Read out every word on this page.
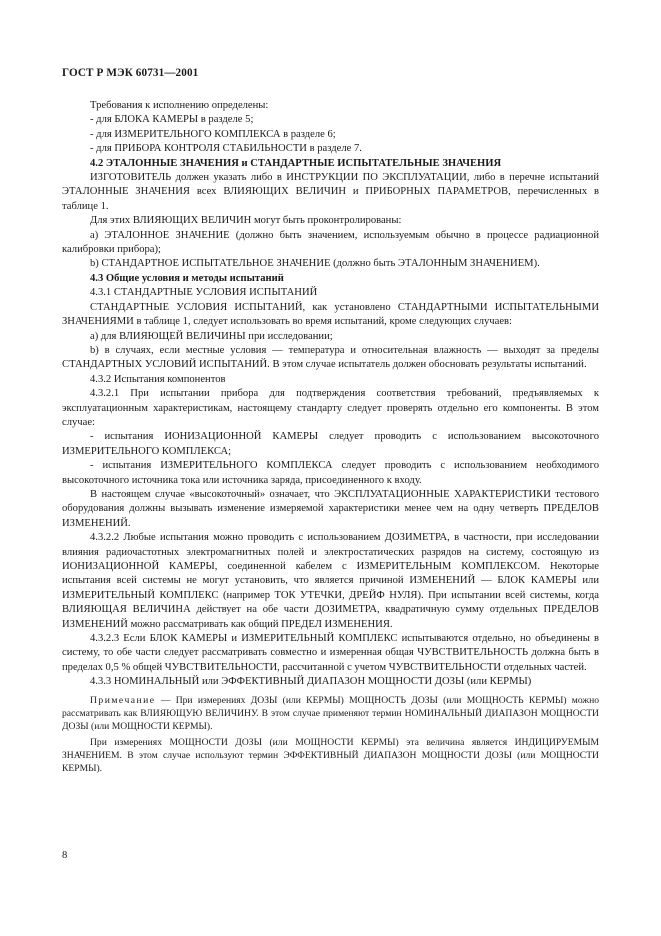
ГОСТ Р МЭК 60731—2001

Требования к исполнению определены:

- для БЛОКА КАМЕРЫ в разделе 5;

- для ИЗМЕРИТЕЛЬНОГО КОМПЛЕКСА в разделе 6;

- для ПРИБОРА КОНТРОЛЯ СТАБИЛЬНОСТИ в разделе 7.

4.2 ЭТАЛОННЫЕ ЗНАЧЕНИЯ и СТАНДАРТНЫЕ ИСПЫТАТЕЛЬНЫЕ ЗНАЧЕНИЯ

ИЗГОТОВИТЕЛЬ должен указать либо в ИНСТРУКЦИИ ПО ЭКСПЛУАТАЦИИ, либо в перечне испытаний ЭТАЛОННЫЕ ЗНАЧЕНИЯ всех ВЛИЯЮЩИХ ВЕЛИЧИН и ПРИБОРНЫХ ПАРАМЕТРОВ, перечисленных в таблице 1.

Для этих ВЛИЯЮЩИХ ВЕЛИЧИН могут быть проконтролированы:

а) ЭТАЛОННОЕ ЗНАЧЕНИЕ (должно быть значением, используемым обычно в процессе радиационной калибровки прибора);

b) СТАНДАРТНОЕ ИСПЫТАТЕЛЬНОЕ ЗНАЧЕНИЕ (должно быть ЭТАЛОННЫМ ЗНАЧЕНИЕМ).

4.3 Общие условия и методы испытаний

4.3.1 СТАНДАРТНЫЕ УСЛОВИЯ ИСПЫТАНИЙ

СТАНДАРТНЫЕ УСЛОВИЯ ИСПЫТАНИЙ, как установлено СТАНДАРТНЫМИ ИСПЫТАТЕЛЬНЫМИ ЗНАЧЕНИЯМИ в таблице 1, следует использовать во время испытаний, кроме следующих случаев:

а) для ВЛИЯЮЩЕЙ ВЕЛИЧИНЫ при исследовании;

b) в случаях, если местные условия — температура и относительная влажность — выходят за пределы СТАНДАРТНЫХ УСЛОВИЙ ИСПЫТАНИЙ. В этом случае испытатель должен обосновать результаты испытаний.

4.3.2 Испытания компонентов

4.3.2.1 При испытании прибора для подтверждения соответствия требований, предъявляемых к эксплуатационным характеристикам, настоящему стандарту следует проверять отдельно его компоненты. В этом случае:

- испытания ИОНИЗАЦИОННОЙ КАМЕРЫ следует проводить с использованием высокоточного ИЗМЕРИТЕЛЬНОГО КОМПЛЕКСА;

- испытания ИЗМЕРИТЕЛЬНОГО КОМПЛЕКСА следует проводить с использованием необходимого высокоточного источника тока или источника заряда, присоединенного к входу.

В настоящем случае «высокоточный» означает, что ЭКСПЛУАТАЦИОННЫЕ ХАРАКТЕРИСТИКИ тестового оборудования должны вызывать изменение измеряемой характеристики менее чем на одну четверть ПРЕДЕЛОВ ИЗМЕНЕНИЙ.

4.3.2.2 Любые испытания можно проводить с использованием ДОЗИМЕТРА, в частности, при исследовании влияния радиочастотных электромагнитных полей и электростатических разрядов на систему, состоящую из ИОНИЗАЦИОННОЙ КАМЕРЫ, соединенной кабелем с ИЗМЕРИТЕЛЬНЫМ КОМПЛЕКСОМ. Некоторые испытания всей системы не могут установить, что является причиной ИЗМЕНЕНИЙ — БЛОК КАМЕРЫ или ИЗМЕРИТЕЛЬНЫЙ КОМПЛЕКС (например ТОК УТЕЧКИ, ДРЕЙФ НУЛЯ). При испытании всей системы, когда ВЛИЯЮЩАЯ ВЕЛИЧИНА действует на обе части ДОЗИМЕТРА, квадратичную сумму отдельных ПРЕДЕЛОВ ИЗМЕНЕНИЙ можно рассматривать как общий ПРЕДЕЛ ИЗМЕНЕНИЯ.

4.3.2.3 Если БЛОК КАМЕРЫ и ИЗМЕРИТЕЛЬНЫЙ КОМПЛЕКС испытываются отдельно, но объединены в систему, то обе части следует рассматривать совместно и измеренная общая ЧУВСТВИТЕЛЬНОСТЬ должна быть в пределах 0,5 % общей ЧУВСТВИТЕЛЬНОСТИ, рассчитанной с учетом ЧУВСТВИТЕЛЬНОСТИ отдельных частей.

4.3.3 НОМИНАЛЬНЫЙ или ЭФФЕКТИВНЫЙ ДИАПАЗОН МОЩНОСТИ ДОЗЫ (или КЕРМЫ)

Примечание — При измерениях ДОЗЫ (или КЕРМЫ) МОЩНОСТЬ ДОЗЫ (или МОЩНОСТЬ КЕРМЫ) можно рассматривать как ВЛИЯЮЩУЮ ВЕЛИЧИНУ. В этом случае применяют термин НОМИНАЛЬНЫЙ ДИАПАЗОН МОЩНОСТИ ДОЗЫ (или МОЩНОСТИ КЕРМЫ).

При измерениях МОЩНОСТИ ДОЗЫ (или МОЩНОСТИ КЕРМЫ) эта величина является ИНДИЦИРУЕМЫМ ЗНАЧЕНИЕМ. В этом случае используют термин ЭФФЕКТИВНЫЙ ДИАПАЗОН МОЩНОСТИ ДОЗЫ (или МОЩНОСТИ КЕРМЫ).

8
